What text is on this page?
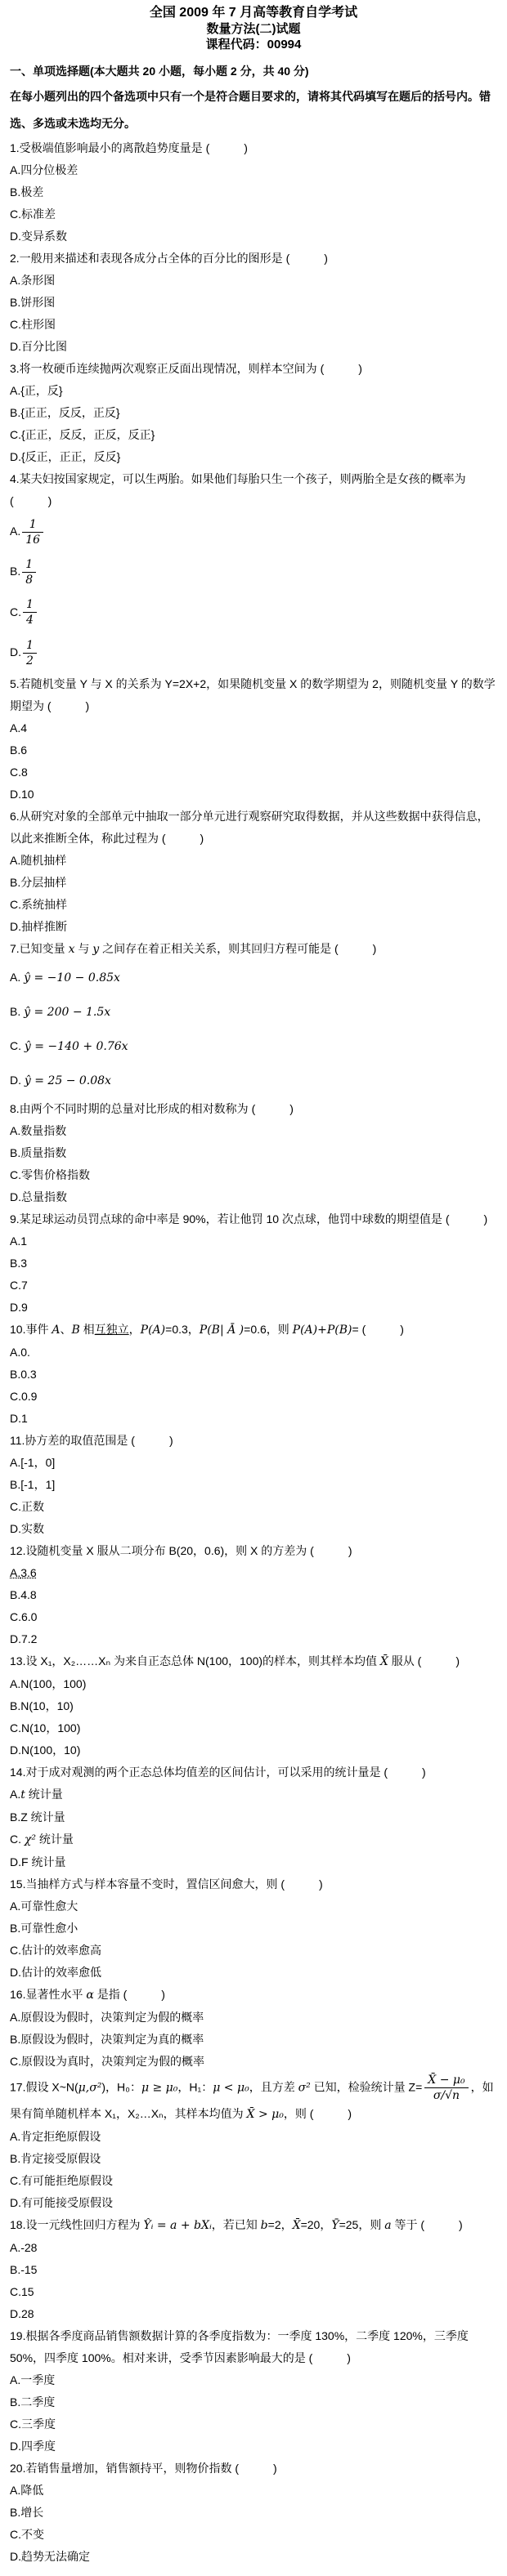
全国 2009 年 7 月高等教育自学考试
数量方法(二)试题
课程代码：00994
一、单项选择题(本大题共 20 小题，每小题 2 分，共 40 分)
在每小题列出的四个备选项中只有一个是符合题目要求的，请将其代码填写在题后的括号内。错选、多选或未选均无分。
1.受极端值影响最小的离散趋势度量是 (　　　)
A.四分位极差
B.极差
C.标准差
D.变异系数
2.一般用来描述和表现各成分占全体的百分比的图形是 (　　　)
A.条形图
B.饼形图
C.柱形图
D.百分比图
3.将一枚硬币连续抛两次观察正反面出现情况，则样本空间为 (　　　)
A.{正，反}
B.{正正，反反，正反}
C.{正正，反反，正反，反正}
D.{反正，正正，反反}
4.某夫妇按国家规定，可以生两胎。如果他们每胎只生一个孩子，则两胎全是女孩的概率为 (　　　)
A. $\frac{1}{16}$
B. $\frac{1}{8}$
C. $\frac{1}{4}$
D. $\frac{1}{2}$
5.若随机变量 Y 与 X 的关系为 Y=2X+2，如果随机变量 X 的数学期望为 2，则随机变量 Y 的数学期望为 (　　　)
A.4
B.6
C.8
D.10
6.从研究对象的全部单元中抽取一部分单元进行观察研究取得数据，并从这些数据中获得信息，以此来推断全体，称此过程为 (　　　)
A.随机抽样
B.分层抽样
C.系统抽样
D.抽样推断
7.已知变量 x 与 y 之间存在着正相关关系，则其回归方程可能是 (　　　)
A. ŷ = −10 − 0.85x
B. ŷ = 200 − 1.5x
C. ŷ = −140 + 0.76x
D. ŷ = 25 − 0.08x
8.由两个不同时期的总量对比形成的相对数称为 (　　　)
A.数量指数
B.质量指数
C.零售价格指数
D.总量指数
9.某足球运动员罚点球的命中率是 90%，若让他罚 10 次点球，他罚中球数的期望值是 (　　　)
A.1
B.3
C.7
D.9
10.事件 A、B 相互独立，P(A)=0.3，P(B| Ā )=0.6，则 P(A)+P(B)= (　　　)
A.0.
B.0.3
C.0.9
D.1
11.协方差的取值范围是 (　　　)
A.[-1，0]
B.[-1，1]
C.正数
D.实数
12.设随机变量 X 服从二项分布 B(20，0.6)，则 X 的方差为 (　　　)
A.3.6
B.4.8
C.6.0
D.7.2
13.设 X₁，X₂……Xₙ 为来自正态总体 N(100，100)的样本，则其样本均值 X̄ 服从 (　　　)
A.N(100，100)
B.N(10，10)
C.N(10，100)
D.N(100，10)
14.对于成对观测的两个正态总体均值差的区间估计，可以采用的统计量是 (　　　)
A.t 统计量
B.Z 统计量
C. χ² 统计量
D.F 统计量
15.当抽样方式与样本容量不变时，置信区间愈大，则 (　　　)
A.可靠性愈大
B.可靠性愈小
C.估计的效率愈高
D.估计的效率愈低
16.显著性水平 α 是指 (　　　)
A.原假设为假时，决策判定为假的概率
B.原假设为假时，决策判定为真的概率
C.原假设为真时，决策判定为假的概率
17.假设 X~N(μ,σ²)，H₀：μ ≥ μ₀，H₁：μ < μ₀，且方差 σ² 已知，检验统计量 $Z= \frac{\text{X̄ − μ₀}}{\sigma/√n}$ ，如果有简单随机样本 X₁，X₂…Xₙ，其样本均值为 X̄ > μ₀，则 (　　　)
A.肯定拒绝原假设
B.肯定接受原假设
C.有可能拒绝原假设
D.有可能接受原假设
18.设一元线性回归方程为 Ŷᵢ = a + bXᵢ，若已知 b=2，X̄=20，Ȳ=25，则 a 等于 (　　　)
A.-28
B.-15
C.15
D.28
19.根据各季度商品销售额数据计算的各季度指数为：一季度 130%，二季度 120%，三季度 50%，四季度 100%。相对来讲，受季节因素影响最大的是 (　　　)
A.一季度
B.二季度
C.三季度
D.四季度
20.若销售量增加，销售额持平，则物价指数 (　　　)
A.降低
B.增长
C.不变
D.趋势无法确定
